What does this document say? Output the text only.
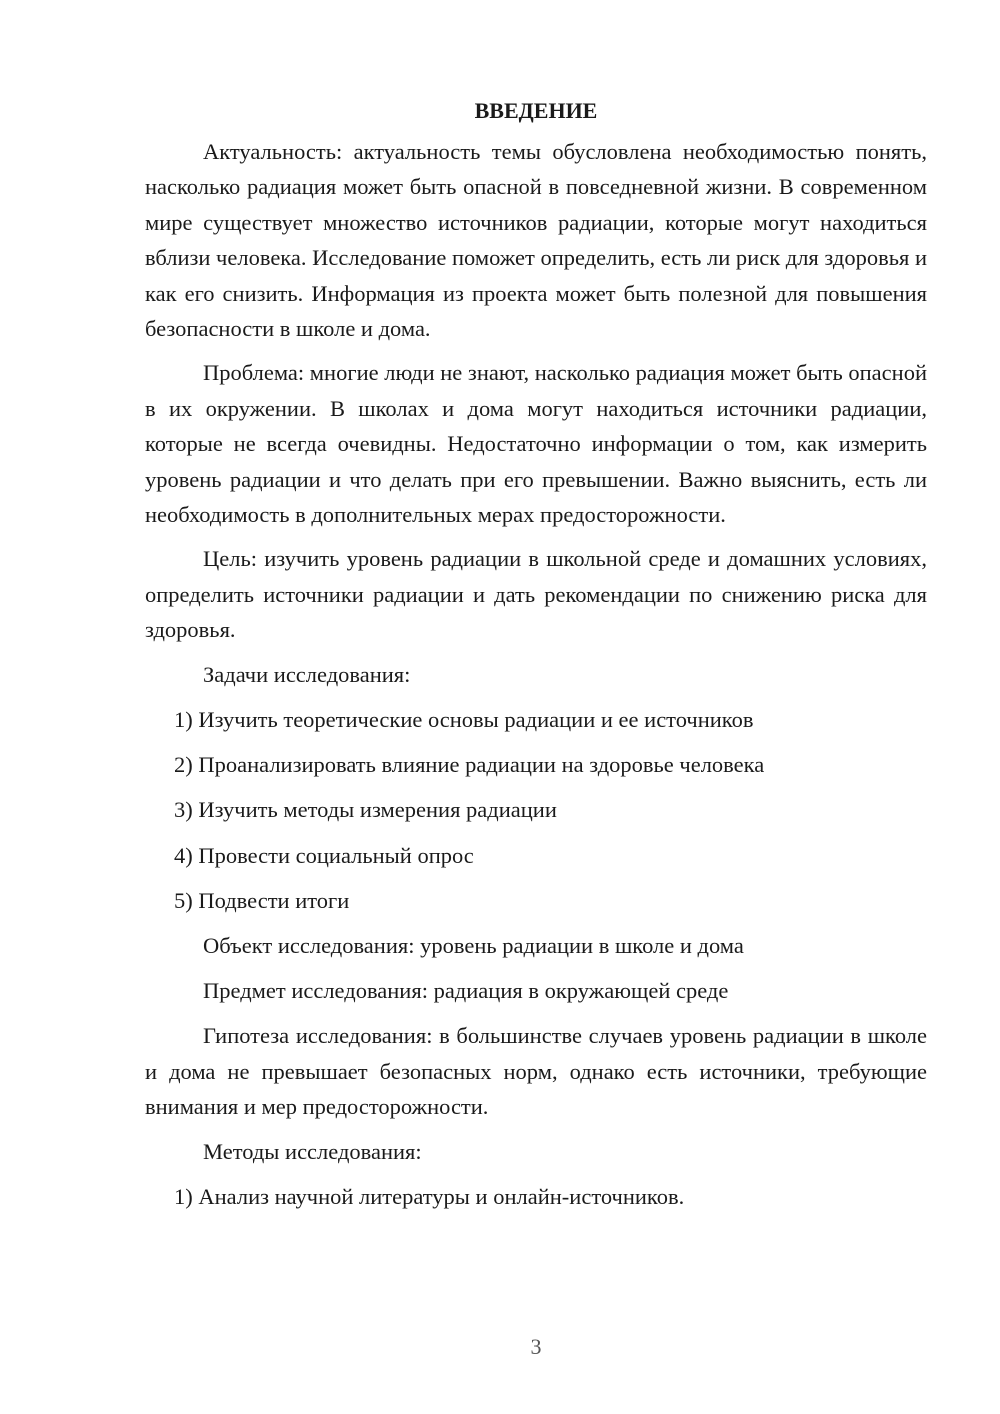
ВВЕДЕНИЕ

Актуальность: актуальность темы обусловлена необходимостью понять, насколько радиация может быть опасной в повседневной жизни. В современном мире существует множество источников радиации, которые могут находиться вблизи человека. Исследование поможет определить, есть ли риск для здоровья и как его снизить. Информация из проекта может быть полезной для повышения безопасности в школе и дома.

Проблема: многие люди не знают, насколько радиация может быть опасной в их окружении. В школах и дома могут находиться источники радиации, которые не всегда очевидны. Недостаточно информации о том, как измерить уровень радиации и что делать при его превышении. Важно выяснить, есть ли необходимость в дополнительных мерах предосторожности.

Цель: изучить уровень радиации в школьной среде и домашних условиях, определить источники радиации и дать рекомендации по снижению риска для здоровья.

Задачи исследования:
1) Изучить теоретические основы радиации и ее источников
2) Проанализировать влияние радиации на здоровье человека
3) Изучить методы измерения радиации
4) Провести социальный опрос
5) Подвести итоги
Объект исследования: уровень радиации в школе и дома
Предмет исследования: радиация в окружающей среде

Гипотеза исследования: в большинстве случаев уровень радиации в школе и дома не превышает безопасных норм, однако есть источники, требующие внимания и мер предосторожности.

Методы исследования:
1) Анализ научной литературы и онлайн-источников.
3
